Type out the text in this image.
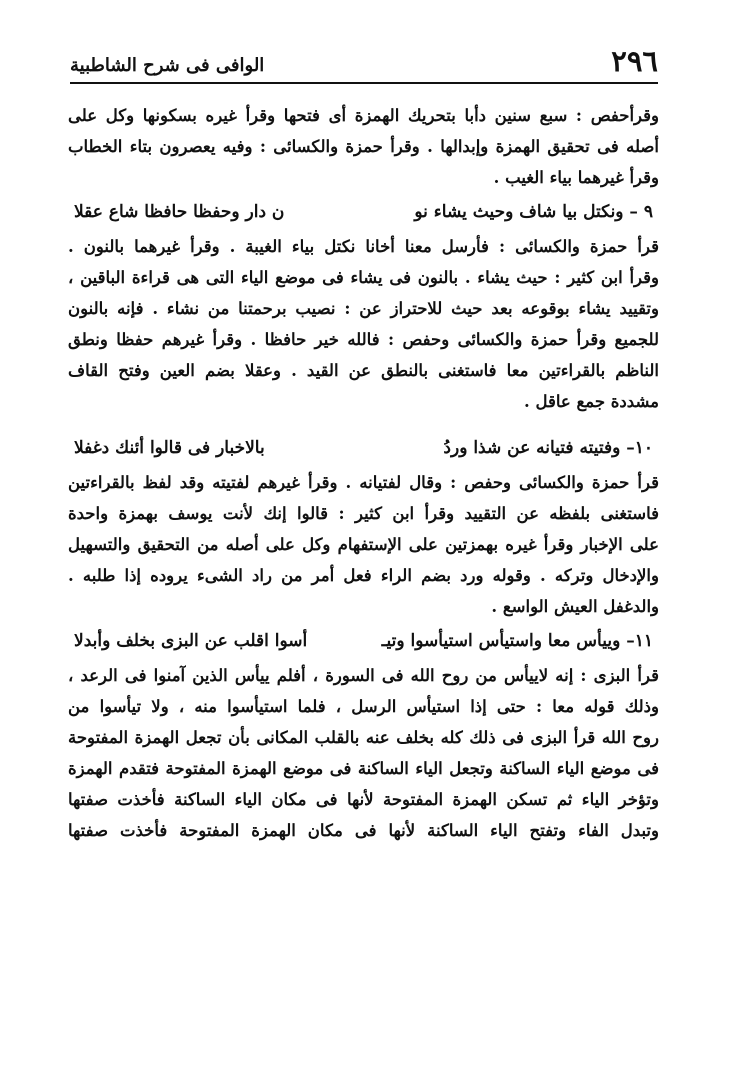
٢٩٦
الوافى فى شرح الشاطبية
وقرأحفص : سبع سنين دأبا بتحريك الهمزة أى فتحها وقرأ غيره بسكونها وكل على
أصله فى تحقيق الهمزة وإبدالها . وقرأ حمزة والكسائى : وفيه يعصرون بتاء الخطاب
وقرأ غيرهما بياء الغيب .
٩ – ونكتل بيا شاف وحيث يشاء نو
ن دار وحفظا حافظا شاع عقلا
قرأ حمزة والكسائى : فأرسل معنا أخانا نكتل بياء الغيبة . وقرأ غيرهما بالنون .
وقرأ ابن كثير : حيث يشاء . بالنون فى يشاء فى موضع الياء التى هى قراءة الباقين ،
وتقييد يشاء بوقوعه بعد حيث للاحتراز عن : نصيب برحمتنا من نشاء . فإنه بالنون
للجميع وقرأ حمزة والكسائى وحفص : فالله خير حافظا . وقرأ غيرهم حفظا ونطق
الناظم بالقراءتين معا فاستغنى بالنطق عن القيد . وعقلا بضم العين وفتح القاف
مشددة جمع عاقل .
١٠– وفتيته فتيانه عن شذا وردُ
بالاخبار فى قالوا أئنك دغفلا
قرأ حمزة والكسائى وحفص : وقال لفتيانه . وقرأ غيرهم لفتيته وقد لفظ بالقراءتين
فاستغنى بلفظه عن التقييد وقرأ ابن كثير : قالوا إنك لأنت يوسف بهمزة واحدة
على الإخبار وقرأ غيره بهمزتين على الإستفهام وكل على أصله من التحقيق والتسهيل
والإدخال وتركه . وقوله ورد بضم الراء فعل أمر من راد الشىء يروده إذا طلبه .
والدغفل العيش الواسع .
١١– وييأس معا واستيأس استيأسوا وتيـ
أسوا اقلب عن البزى بخلف وأبدلا
قرأ البزى : إنه لاييأس من روح الله فى السورة ، أفلم ييأس الذين آمنوا فى الرعد ،
وذلك قوله معا : حتى إذا استيأس الرسل ، فلما استيأسوا منه ، ولا تيأسوا من
روح الله قرأ البزى فى ذلك كله بخلف عنه بالقلب المكانى بأن تجعل الهمزة المفتوحة
فى موضع الياء الساكنة وتجعل الياء الساكنة فى موضع الهمزة المفتوحة فتقدم الهمزة
وتؤخر الياء ثم تسكن الهمزة المفتوحة لأنها فى مكان الياء الساكنة فأخذت صفتها
وتبدل الفاء وتفتح الياء الساكنة لأنها فى مكان الهمزة المفتوحة فأخذت صفتها
